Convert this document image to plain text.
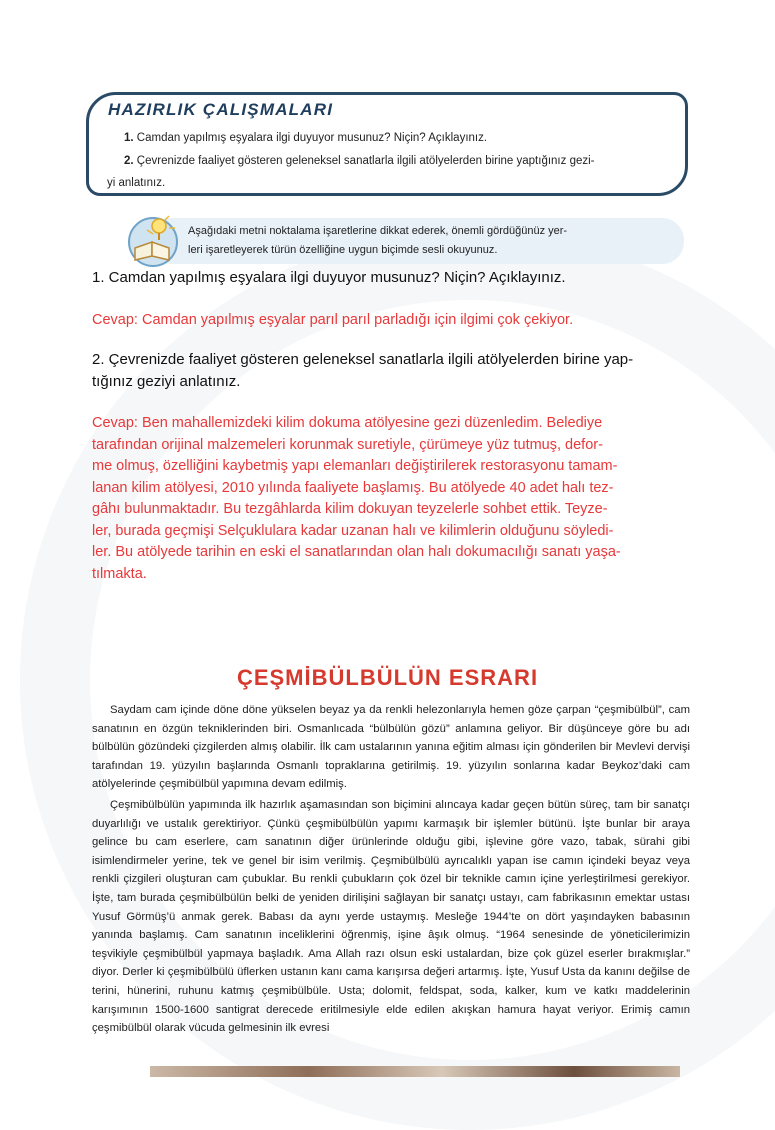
HAZIRLIK ÇALIŞMALARI
1. Camdan yapılmış eşyalara ilgi duyuyor musunuz? Niçin? Açıklayınız.
2. Çevrenizde faaliyet gösteren geleneksel sanatlarla ilgili atölyelerden birine yaptığınız gezi-
yi anlatınız.
Aşağıdaki metni noktalama işaretlerine dikkat ederek, önemli gördüğünüz yer-
leri işaretleyerek türün özelliğine uygun biçimde sesli okuyunuz.
1. Camdan yapılmış eşyalara ilgi duyuyor musunuz? Niçin? Açıklayınız.
Cevap: Camdan yapılmış eşyalar parıl parıl parladığı için ilgimi çok çekiyor.
2. Çevrenizde faaliyet gösteren geleneksel sanatlarla ilgili atölyelerden birine yap-
tığınız geziyi anlatınız.
Cevap: Ben mahallemizdeki kilim dokuma atölyesine gezi düzenledim. Belediye
tarafından orijinal malzemeleri korunmak suretiyle, çürümeye yüz tutmuş, defor-
me olmuş, özelliğini kaybetmiş yapı elemanları değiştirilerek restorasyonu tamam-
lanan kilim atölyesi, 2010 yılında faaliyete başlamış. Bu atölyede 40 adet halı tez-
gâhı bulunmaktadır. Bu tezgâhlarda kilim dokuyan teyzelerle sohbet ettik. Teyze-
ler, burada geçmişi Selçuklulara kadar uzanan halı ve kilimlerin olduğunu söyledi-
ler. Bu atölyede tarihin en eski el sanatlarından olan halı dokumacılığı sanatı yaşa-
tılmakta.
ÇEŞMİBÜLBÜLÜN ESRARI

Saydam cam içinde döne döne yükselen beyaz ya da renkli helezonlarıyla hemen göze çarpan “çeşmibülbül”, cam sanatının en özgün tekniklerinden biri. Osmanlıcada “bülbülün gözü” anlamına geliyor. Bir düşünceye göre bu adı bülbülün gözündeki çizgilerden almış olabilir. İlk cam ustalarının yanına eğitim alması için gönderilen bir Mevlevi dervişi tarafından 19. yüzyılın başlarında Osmanlı topraklarına getirilmiş. 19. yüzyılın sonlarına kadar Beykoz’daki cam atölyelerinde çeşmibülbül yapımına devam edilmiş.

Çeşmibülbülün yapımında ilk hazırlık aşamasından son biçimini alıncaya kadar geçen bütün süreç, tam bir sanatçı duyarlılığı ve ustalık gerektiriyor. Çünkü çeşmibülbülün yapımı karmaşık bir işlemler bütünü. İşte bunlar bir araya gelince bu cam eserlere, cam sanatının diğer ürünlerinde olduğu gibi, işlevine göre vazo, tabak, sürahi gibi isimlendirmeler yerine, tek ve genel bir isim verilmiş. Çeşmibülbülü ayrıcalıklı yapan ise camın içindeki beyaz veya renkli çizgileri oluşturan cam çubuklar. Bu renkli çubukların çok özel bir teknikle camın içine yerleştirilmesi gerekiyor. İşte, tam burada çeşmibülbülün belki de yeniden dirilişini sağlayan bir sanatçı ustayı, cam fabrikasının emektar ustası Yusuf Görmüş’ü anmak gerek. Babası da aynı yerde ustaymış. Mesleğe 1944’te on dört yaşındayken babasının yanında başlamış. Cam sanatının inceliklerini öğrenmiş, işine âşık olmuş. “1964 senesinde de yöneticilerimizin teşvikiyle çeşmibülbül yapmaya başladık. Ama Allah razı olsun eski ustalardan, bize çok güzel eserler bırakmışlar.” diyor. Derler ki çeşmibülbülü üflerken ustanın kanı cama karışırsa değeri artarmış. İşte, Yusuf Usta da kanını değilse de terini, hünerini, ruhunu katmış çeşmibülbüle. Usta; dolomit, feldspat, soda, kalker, kum ve katkı maddelerinin karışımının 1500-1600 santigrat derecede eritilmesiyle elde edilen akışkan hamura hayat veriyor. Erimiş camın çeşmibülbül olarak vücuda gelmesinin ilk evresi
